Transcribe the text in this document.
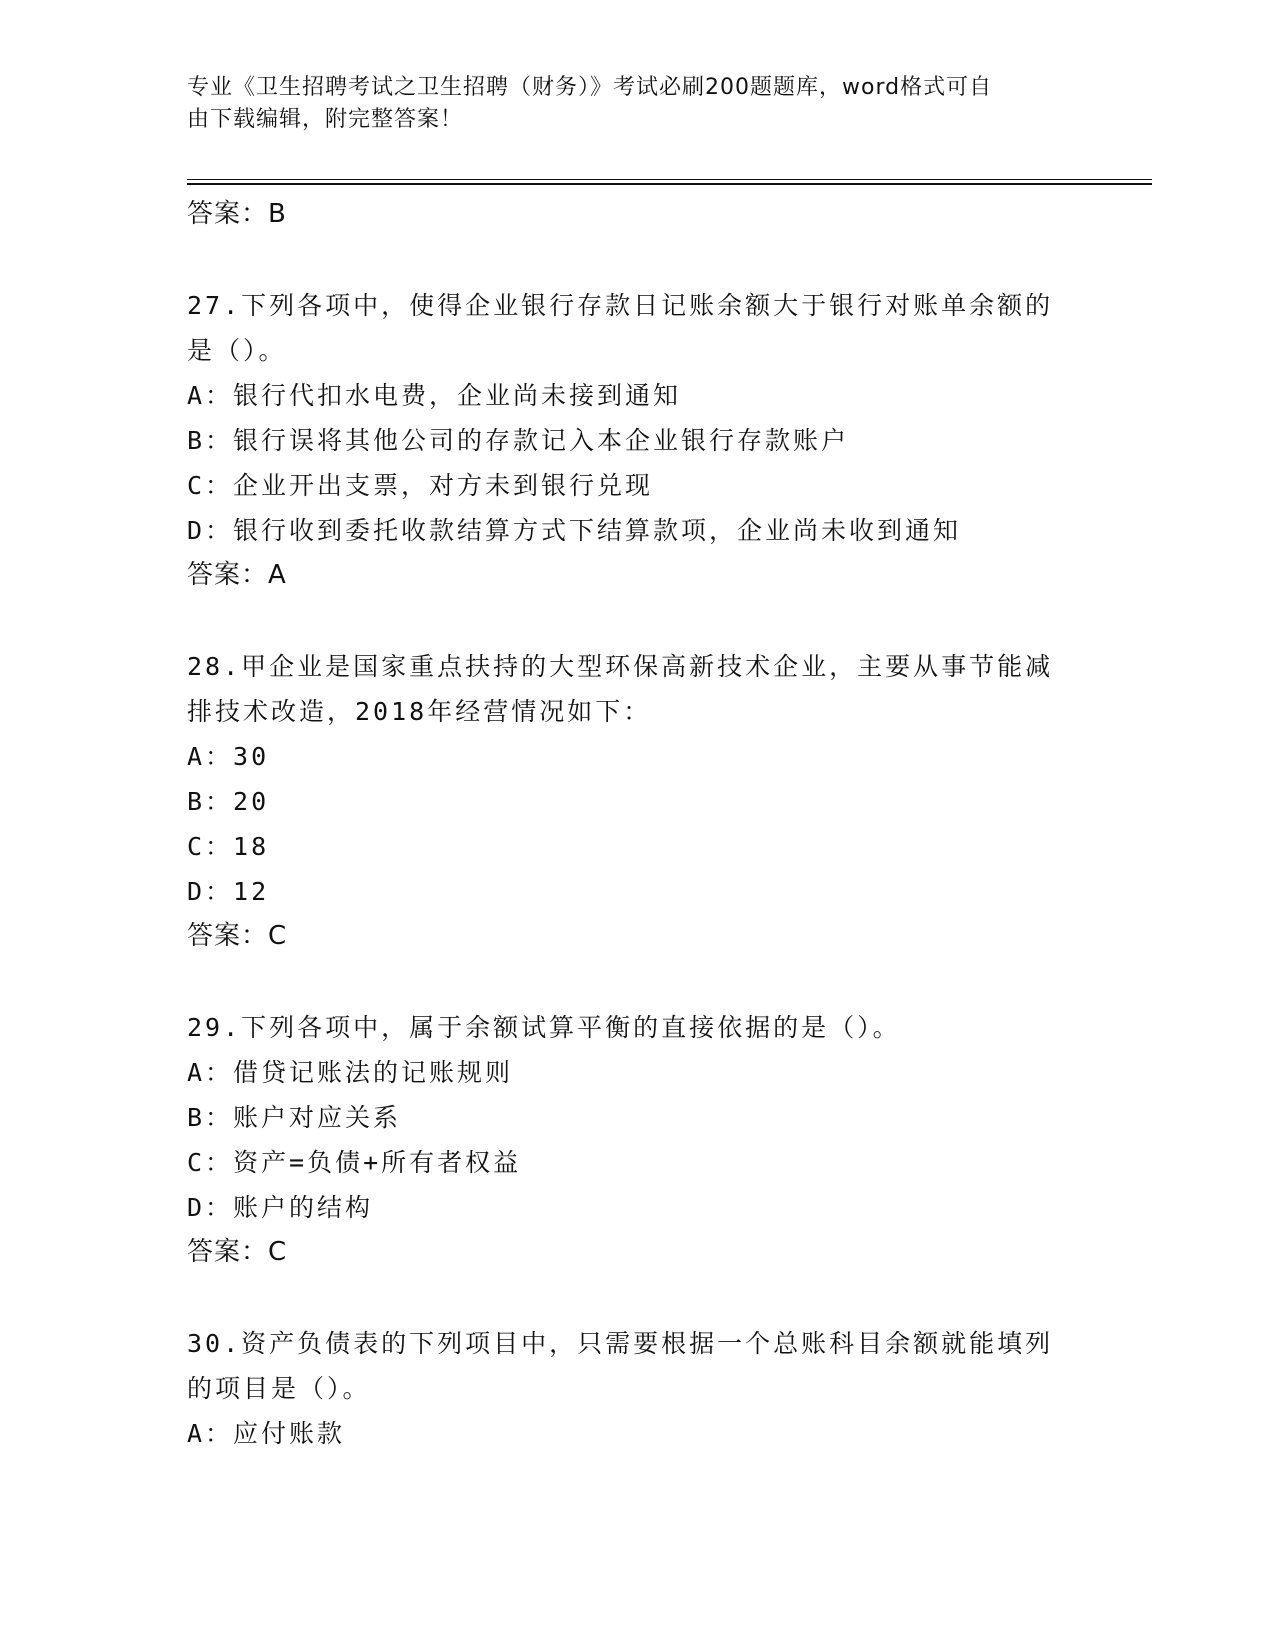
专业《卫生招聘考试之卫生招聘（财务）》考试必刷200题题库，word格式可自
由下载编辑，附完整答案！

答案：B

27.下列各项中，使得企业银行存款日记账余额大于银行对账单余额的

是（）。

A：银行代扣水电费，企业尚未接到通知

B：银行误将其他公司的存款记入本企业银行存款账户

C：企业开出支票，对方未到银行兑现

D：银行收到委托收款结算方式下结算款项，企业尚未收到通知

答案：A

28.甲企业是国家重点扶持的大型环保高新技术企业，主要从事节能减

排技术改造，2018年经营情况如下：

A：30

B：20

C：18

D：12

答案：C

29.下列各项中，属于余额试算平衡的直接依据的是（）。

A：借贷记账法的记账规则

B：账户对应关系

C：资产=负债+所有者权益

D：账户的结构

答案：C

30.资产负债表的下列项目中，只需要根据一个总账科目余额就能填列

的项目是（）。

A：应付账款
